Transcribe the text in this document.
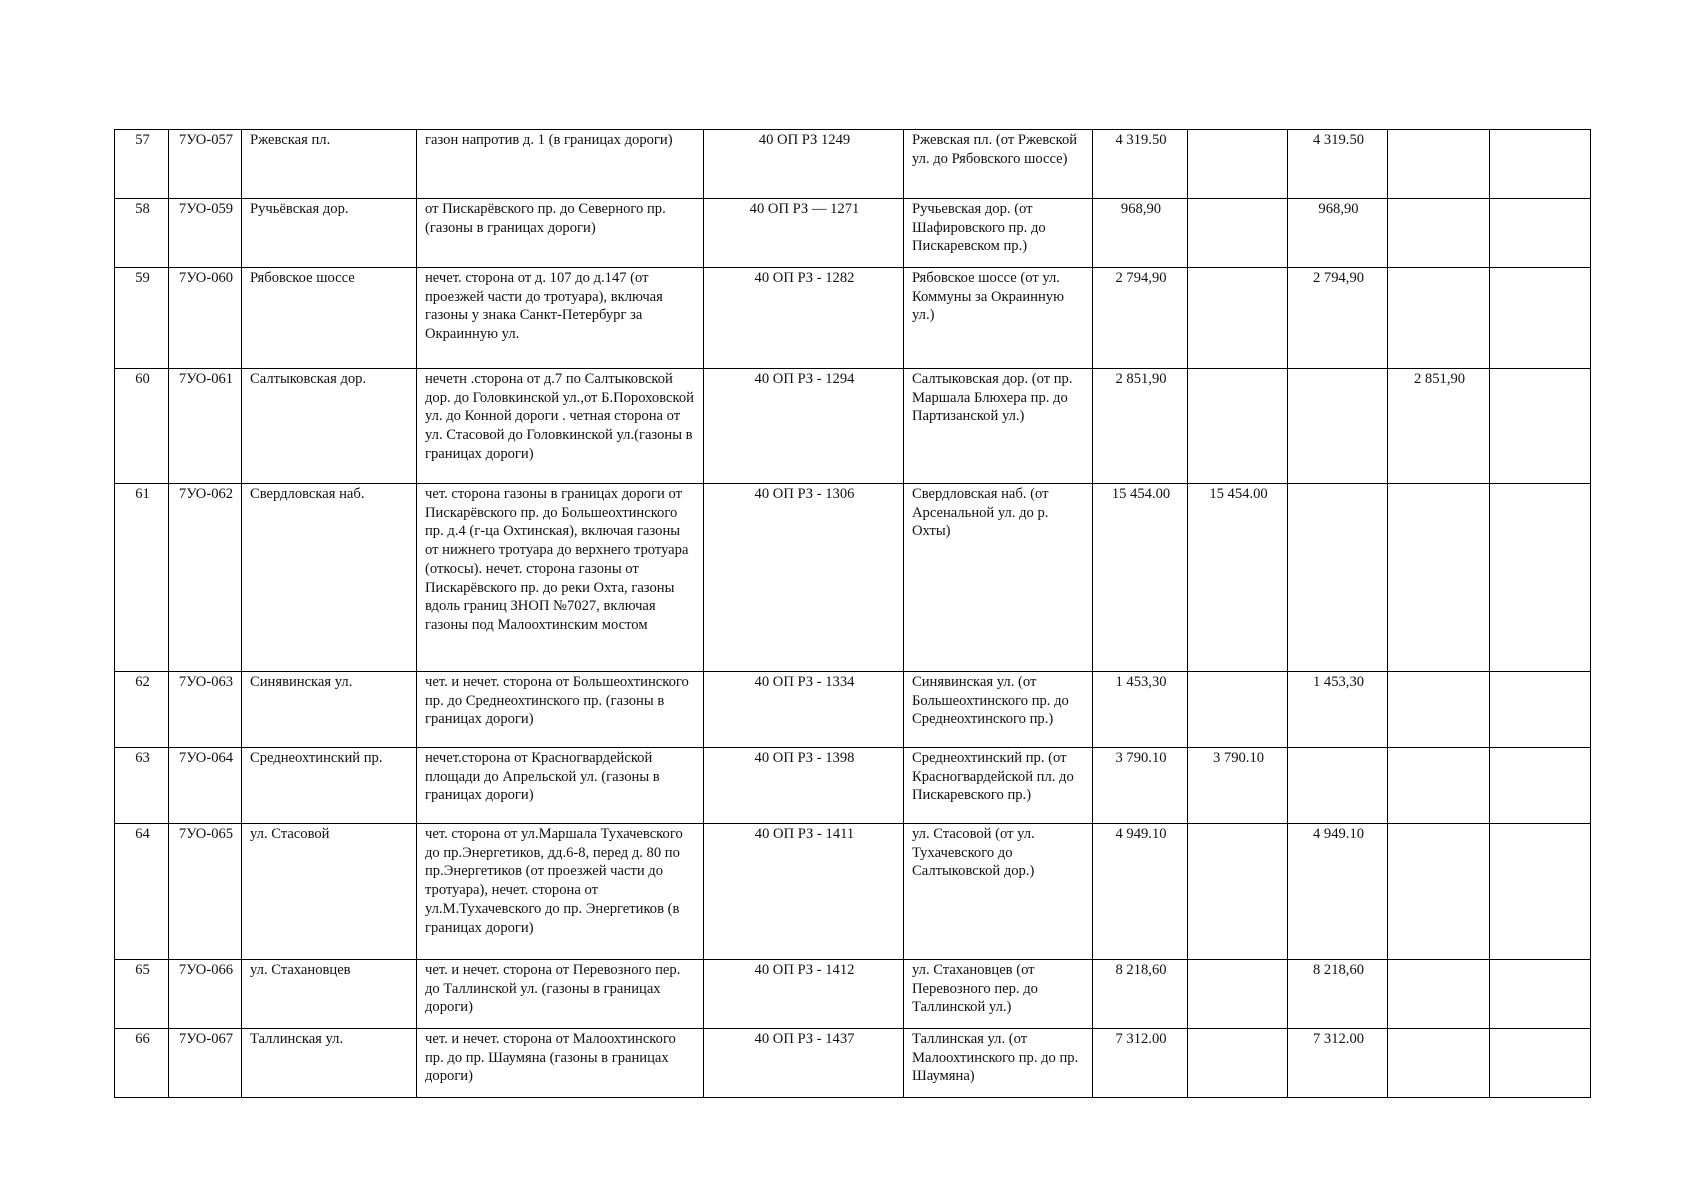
57	7УО-057	Ржевская пл.	газон напротив д. 1 (в границах дороги)	40 ОП РЗ 1249	Ржевская пл. (от Ржевской ул. до Рябовского шоссе)	4 319.50		4 319.50		
58	7УО-059	Ручьёвская дор.	от Пискарёвского пр. до Северного пр. (газоны в границах дороги)	40 ОП РЗ — 1271	Ручьевская дор. (от Шафировского пр. до Пискаревском пр.)	968,90		968,90		
59	7УО-060	Рябовское шоссе	нечет. сторона от д. 107 до д.147 (от проезжей части до тротуара), включая газоны у знака Санкт-Петербург за Окраинную ул.	40 ОП РЗ - 1282	Рябовское шоссе (от ул. Коммуны за Окраинную ул.)	2 794,90		2 794,90		
60	7УО-061	Салтыковская дор.	нечетн .сторона от д.7 по Салтыковской дор. до Головкинской ул.,от Б.Пороховской ул. до Конной дороги . четная сторона от ул. Стасовой до Головкинской ул.(газоны в границах дороги)	40 ОП РЗ - 1294	Салтыковская дор. (от пр. Маршала Блюхера пр. до Партизанской ул.)	2 851,90			2 851,90	
61	7УО-062	Свердловская наб.	чет. сторона газоны в границах дороги от Пискарёвского пр. до Большеохтинского пр. д.4 (г-ца Охтинская), включая газоны от нижнего тротуара до верхнего тротуара (откосы). нечет. сторона газоны от Пискарёвского пр. до реки Охта, газоны вдоль границ ЗНОП №7027, включая газоны под Малоохтинским мостом	40 ОП РЗ - 1306	Свердловская наб. (от Арсенальной ул. до р. Охты)	15 454.00	15 454.00			
62	7УО-063	Синявинская ул.	чет. и нечет. сторона от Большеохтинского пр. до Среднеохтинского пр. (газоны в границах дороги)	40 ОП РЗ - 1334	Синявинская ул. (от Большеохтинского пр. до Среднеохтинского пр.)	1 453,30		1 453,30		
63	7УО-064	Среднеохтинский пр.	нечет.сторона от Красногвардейской площади до Апрельской ул. (газоны в границах дороги)	40 ОП РЗ - 1398	Среднеохтинский пр. (от Красногвардейской пл. до Пискаревского пр.)	3 790.10	3 790.10			
64	7УО-065	ул. Стасовой	чет. сторона от ул.Маршала Тухачевского до пр.Энергетиков, дд.6-8, перед д. 80 по пр.Энергетиков (от проезжей части до тротуара), нечет. сторона от ул.М.Тухачевского до пр. Энергетиков (в границах дороги)	40 ОП РЗ - 1411	ул. Стасовой (от ул. Тухачевского до Салтыковской дор.)	4 949.10		4 949.10		
65	7УО-066	ул. Стахановцев	чет. и нечет. сторона от Перевозного пер. до Таллинской ул. (газоны в границах дороги)	40 ОП РЗ - 1412	ул. Стахановцев (от Перевозного пер. до Таллинской ул.)	8 218,60		8 218,60		
66	7УО-067	Таллинская ул.	чет. и нечет. сторона от Малоохтинского пр. до пр. Шаумяна (газоны в границах дороги)	40 ОП РЗ - 1437	Таллинская ул. (от Малоохтинского пр. до пр. Шаумяна)	7 312.00		7 312.00		
